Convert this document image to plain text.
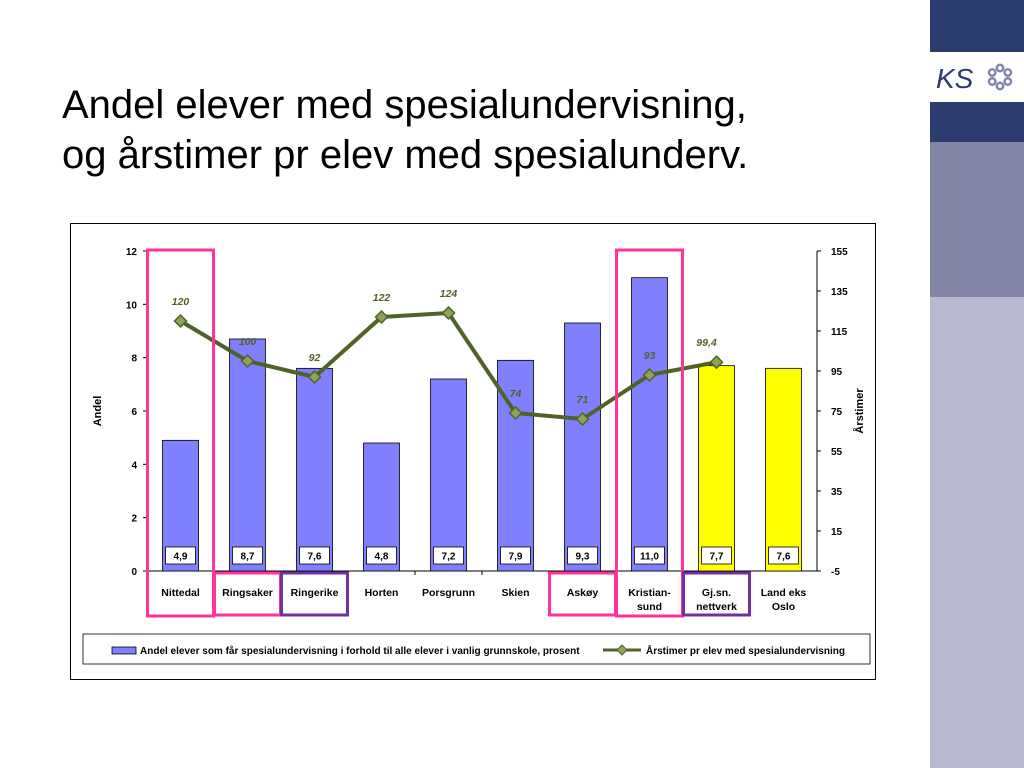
Andel elever med spesialundervisning,
og årstimer pr elev med spesialunderv.
KS
0
2
4
6
8
10
12
-5
15
35
55
75
95
115
135
155
Andel	Årstimer
4,9	8,7	7,6	4,8	7,2	7,9	9,3	11,0	7,7	7,6
Nittedal Ringsaker Ringerike Horten Porsgrunn	Skien	Askøy	Kristian-
sund
Gj.sn.
nettverk
Land eks
Oslo
120
100
92
122	124
74	71
93
99,4
Andel elever som får spesialundervisning i forhold til alle elever i vanlig grunnskole, prosent	Årstimer pr elev med spesialundervisning
